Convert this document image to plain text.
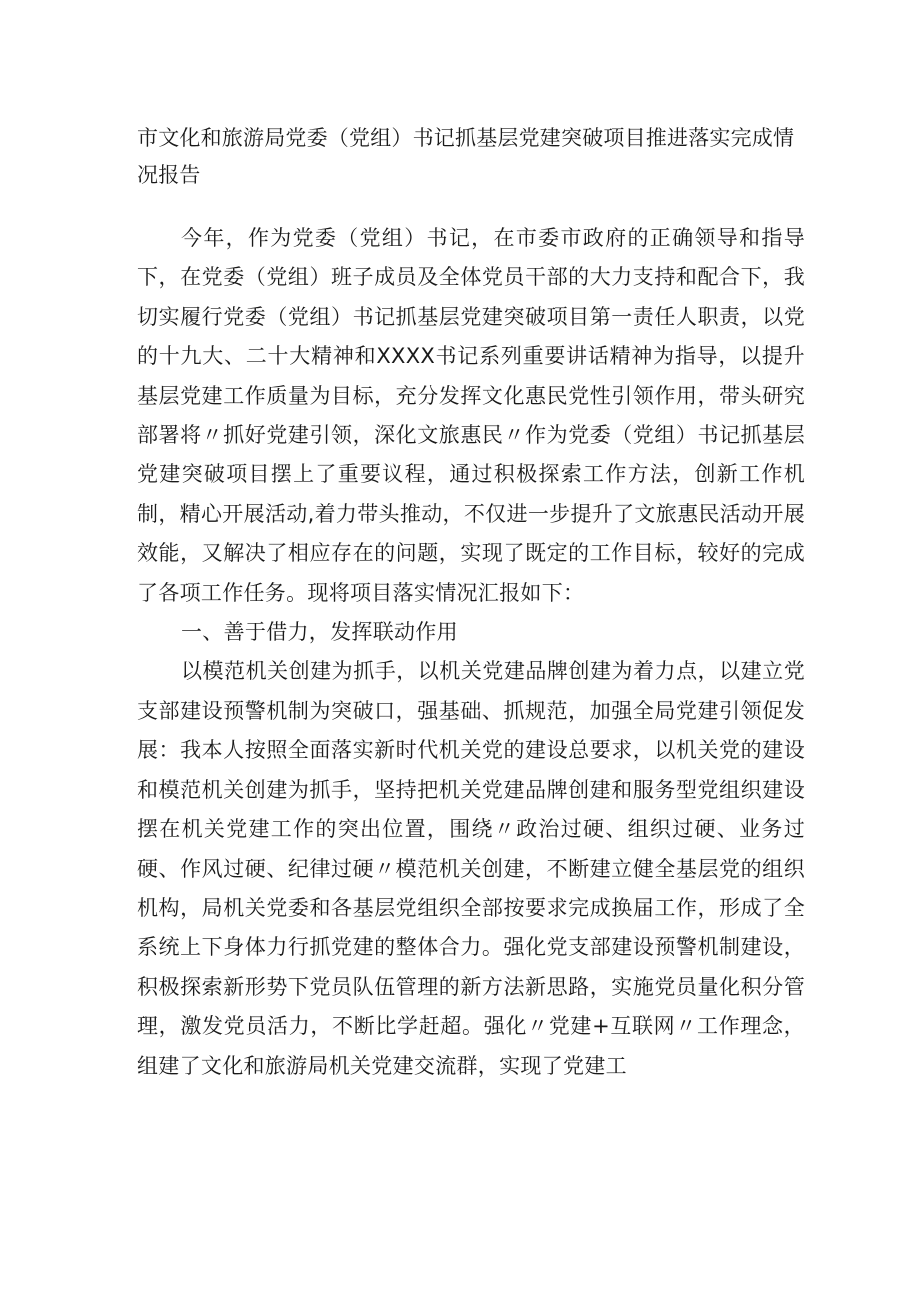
市文化和旅游局党委（党组）书记抓基层党建突破项目推进落实完成情况报告

今年，作为党委（党组）书记，在市委市政府的正确领导和指导下，在党委（党组）班子成员及全体党员干部的大力支持和配合下，我切实履行党委（党组）书记抓基层党建突破项目第一责任人职责，以党的十九大、二十大精神和XXXX书记系列重要讲话精神为指导，以提升基层党建工作质量为目标，充分发挥文化惠民党性引领作用，带头研究部署将〃抓好党建引领，深化文旅惠民〃作为党委（党组）书记抓基层党建突破项目摆上了重要议程，通过积极探索工作方法，创新工作机制，精心开展活动,着力带头推动，不仅进一步提升了文旅惠民活动开展效能，又解决了相应存在的问题，实现了既定的工作目标，较好的完成了各项工作任务。现将项目落实情况汇报如下：

一、善于借力，发挥联动作用

以模范机关创建为抓手，以机关党建品牌创建为着力点，以建立党支部建设预警机制为突破口，强基础、抓规范，加强全局党建引领促发展：我本人按照全面落实新时代机关党的建设总要求，以机关党的建设和模范机关创建为抓手，坚持把机关党建品牌创建和服务型党组织建设摆在机关党建工作的突出位置，围绕〃政治过硬、组织过硬、业务过硬、作风过硬、纪律过硬〃模范机关创建，不断建立健全基层党的组织机构，局机关党委和各基层党组织全部按要求完成换届工作，形成了全系统上下身体力行抓党建的整体合力。强化党支部建设预警机制建设，积极探索新形势下党员队伍管理的新方法新思路，实施党员量化积分管理，激发党员活力，不断比学赶超。强化〃党建+互联网〃工作理念，组建了文化和旅游局机关党建交流群，实现了党建工
